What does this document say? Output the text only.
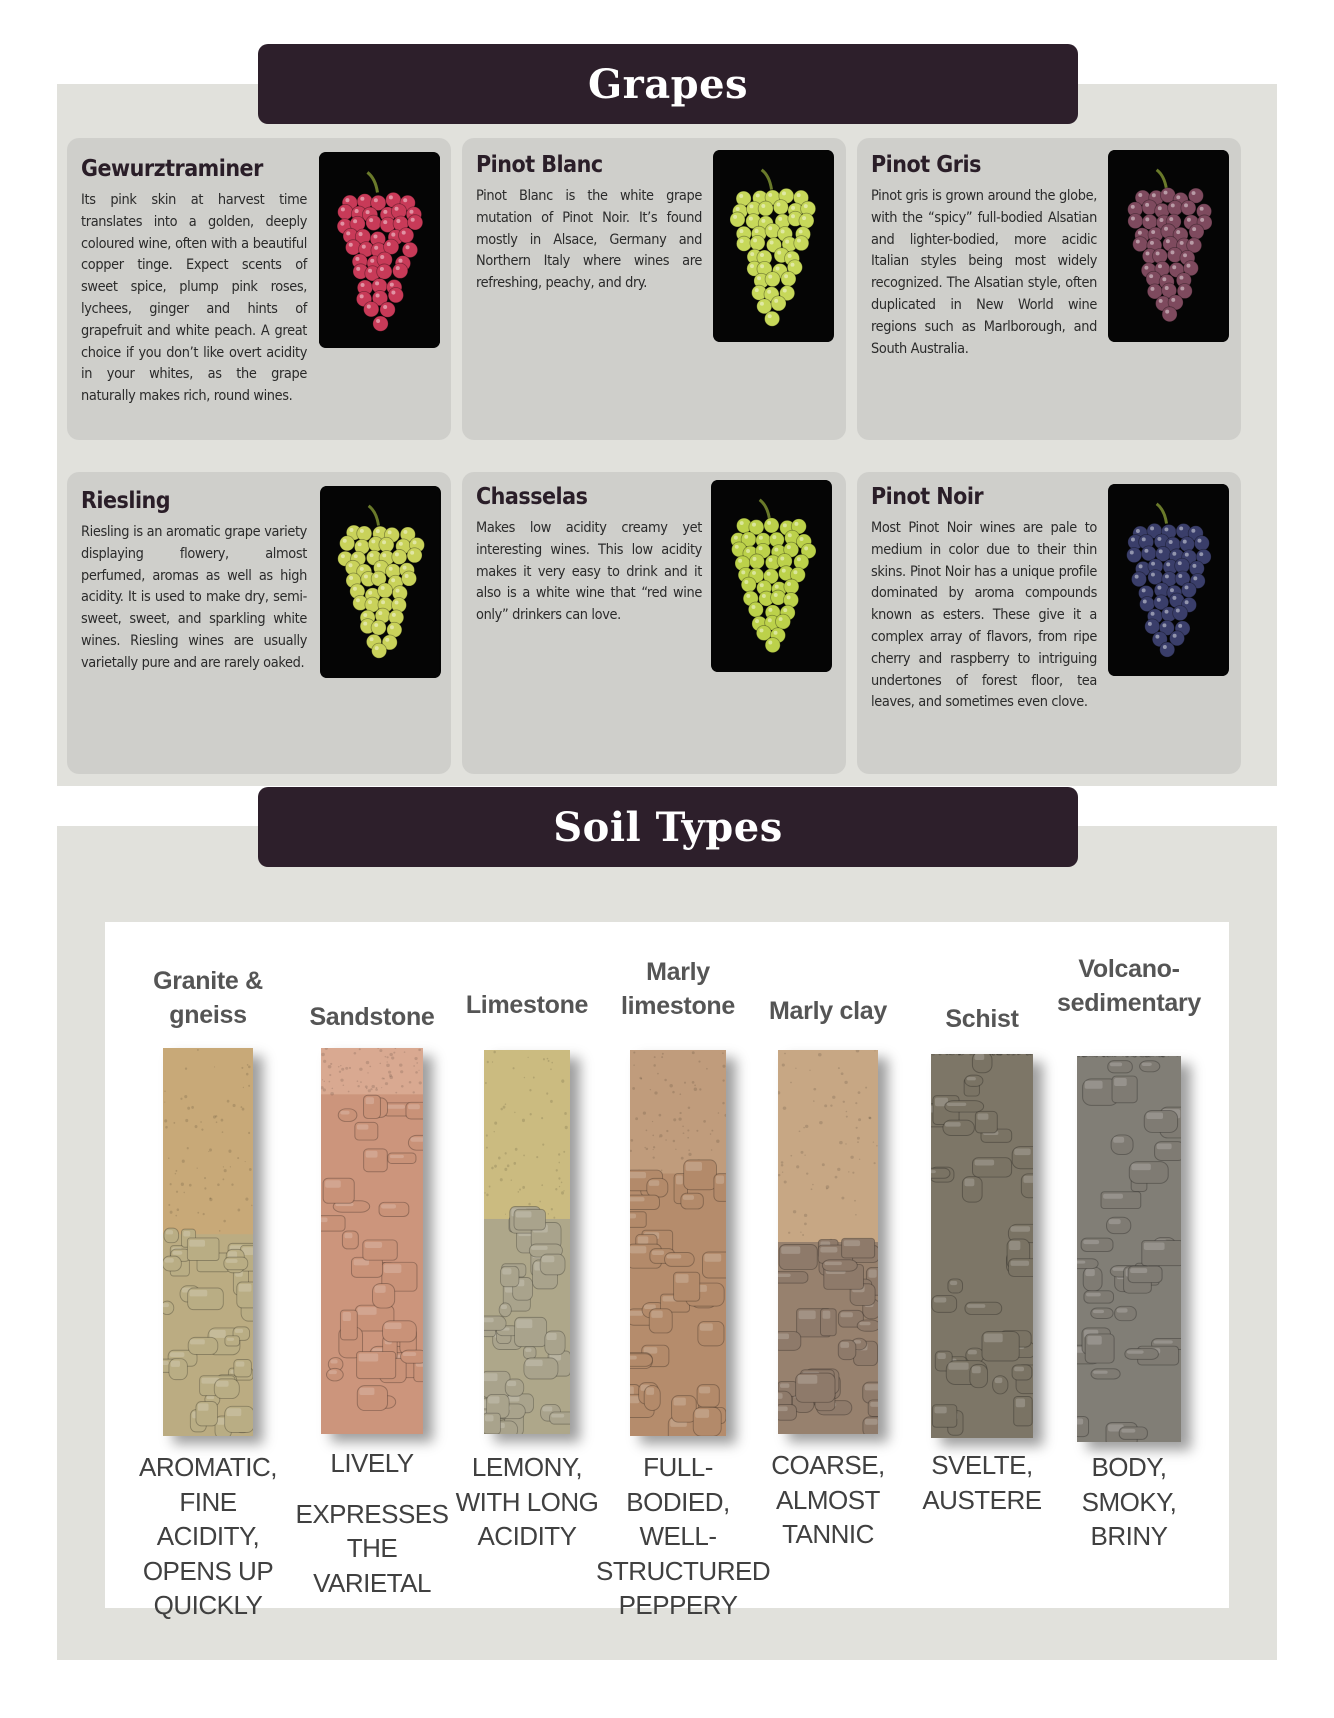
Grapes
Gewurztraminer
Its pink skin at harvest time translates into a golden, deeply coloured wine, often with a beautiful copper tinge. Expect scents of sweet spice, plump pink roses, lychees, ginger and hints of grapefruit and white peach. A great choice if you don’t like overt acidity in your whites, as the grape naturally makes rich, round wines.
Pinot Blanc
Pinot Blanc is the white grape mutation of Pinot Noir. It’s found mostly in Alsace, Germany and Northern Italy where wines are refreshing, peachy, and dry.
Pinot Gris
Pinot gris is grown around the globe, with the “spicy” full-bodied Alsatian and lighter-bodied, more acidic Italian styles being most widely recognized. The Alsatian style, often duplicated in New World wine regions such as Marlborough, and South Australia.
Riesling
Riesling is an aromatic grape variety displaying flowery, almost perfumed, aromas as well as high acidity. It is used to make dry, semi-sweet, sweet, and sparkling white wines. Riesling wines are usually varietally pure and are rarely oaked.
Chasselas
Makes low acidity creamy yet interesting wines. This low acidity makes it very easy to drink and it also is a white wine that “red wine only” drinkers can love.
Pinot Noir
Most Pinot Noir wines are pale to medium in color due to their thin skins. Pinot Noir has a unique profile dominated by aroma compounds known as esters. These give it a complex array of flavors, from ripe cherry and raspberry to intriguing undertones of forest floor, tea leaves, and sometimes even clove.
Soil Types
Granite &
gneiss
AROMATIC,
FINE ACIDITY,
OPENS UP
QUICKLY
Sandstone
LIVELY
EXPRESSES
THE
VARIETAL
Limestone
LEMONY,
WITH LONG
ACIDITY
Marly
limestone
FULL-BODIED,
WELL-
STRUCTURED
PEPPERY
Marly clay
COARSE,
ALMOST
TANNIC
Schist
SVELTE,
AUSTERE
Volcano-
sedimentary
BODY,
SMOKY,
BRINY
